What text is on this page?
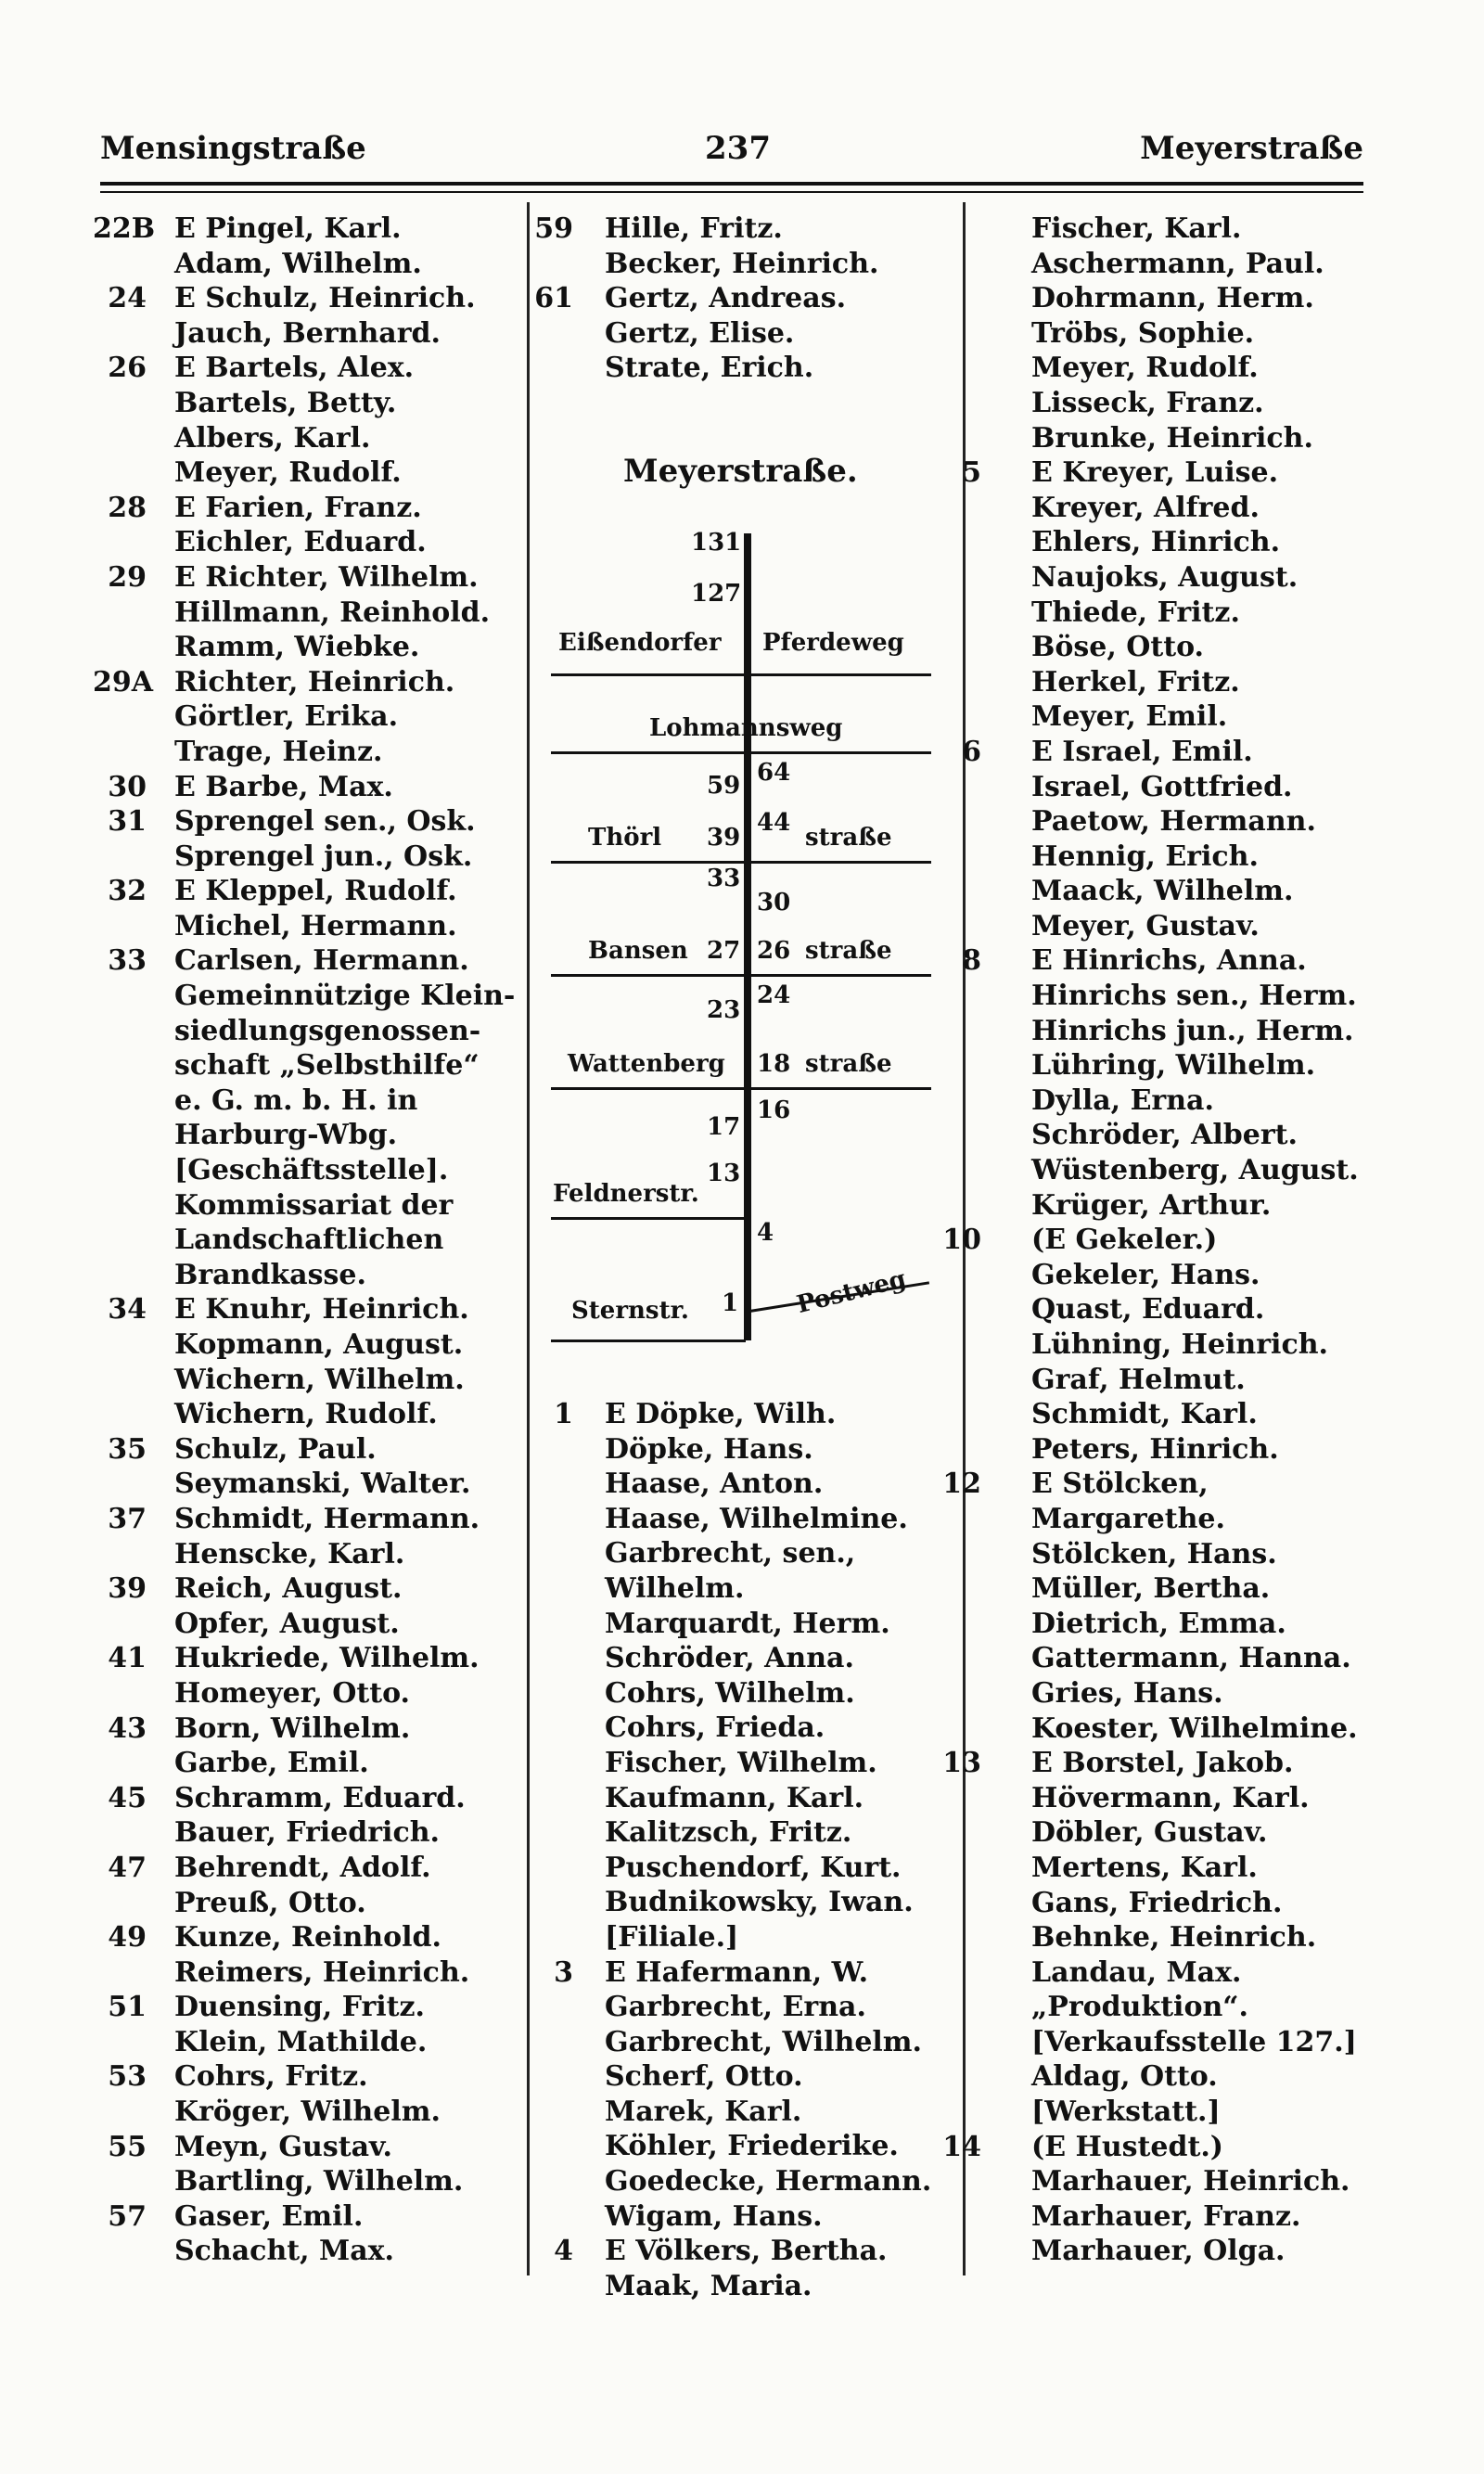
Mensingstraße	237	Meyerstraße
22B E Pingel, Karl.
Adam, Wilhelm.
24 E Schulz, Heinrich.
Jauch, Bernhard.
26 E Bartels, Alex.
Bartels, Betty.
Albers, Karl.
Meyer, Rudolf.
28 E Farien, Franz.
Eichler, Eduard.
29 E Richter, Wilhelm.
Hillmann, Reinhold.
Ramm, Wiebke.
29A Richter, Heinrich.
Görtler, Erika.
Trage, Heinz.
30 E Barbe, Max.
31 Sprengel sen., Osk.
Sprengel jun., Osk.
32 E Kleppel, Rudolf.
Michel, Hermann.
33 Carlsen, Hermann.
Gemeinnützige Klein-
siedlungsgenossen-
schaft „Selbsthilfe“
e. G. m. b. H. in
Harburg-Wbg.
[Geschäftsstelle].
Kommissariat der
Landschaftlichen
Brandkasse.
34 E Knuhr, Heinrich.
Kopmann, August.
Wichern, Wilhelm.
Wichern, Rudolf.
35 Schulz, Paul.
Seymanski, Walter.
37 Schmidt, Hermann.
Henscke, Karl.
39 Reich, August.
Opfer, August.
41 Hukriede, Wilhelm.
Homeyer, Otto.
43 Born, Wilhelm.
Garbe, Emil.
45 Schramm, Eduard.
Bauer, Friedrich.
47 Behrendt, Adolf.
Preuß, Otto.
49 Kunze, Reinhold.
Reimers, Heinrich.
51 Duensing, Fritz.
Klein, Mathilde.
53 Cohrs, Fritz.
Kröger, Wilhelm.
55 Meyn, Gustav.
Bartling, Wilhelm.
57 Gaser, Emil.
Schacht, Max.
59 Hille, Fritz.
Becker, Heinrich.
61 Gertz, Andreas.
Gertz, Elise.
Strate, Erich.
Meyerstraße.
131
127
Eißendorfer Pferdeweg
Lohmannsweg
59 64
Thörl 39
44
straße
33
30
Bansen 27 26 straße
23
24
Wattenberg 18 straße
17
16
13
Feldnerstr.
4
Sternstr. 1 Postweg
1 E Döpke, Wilh.
Döpke, Hans.
Haase, Anton.
Haase, Wilhelmine.
Garbrecht, sen.,
Wilhelm.
Marquardt, Herm.
Schröder, Anna.
Cohrs, Wilhelm.
Cohrs, Frieda.
Fischer, Wilhelm.
Kaufmann, Karl.
Kalitzsch, Fritz.
Puschendorf, Kurt.
Budnikowsky, Iwan.
[Filiale.]
3 E Hafermann, W.
Garbrecht, Erna.
Garbrecht, Wilhelm.
Scherf, Otto.
Marek, Karl.
Köhler, Friederike.
Goedecke, Hermann.
Wigam, Hans.
4 E Völkers, Bertha.
Maak, Maria.
Fischer, Karl.
Aschermann, Paul.
Dohrmann, Herm.
Tröbs, Sophie.
Meyer, Rudolf.
Lisseck, Franz.
Brunke, Heinrich.
5 E Kreyer, Luise.
Kreyer, Alfred.
Ehlers, Hinrich.
Naujoks, August.
Thiede, Fritz.
Böse, Otto.
Herkel, Fritz.
Meyer, Emil.
6 E Israel, Emil.
Israel, Gottfried.
Paetow, Hermann.
Hennig, Erich.
Maack, Wilhelm.
Meyer, Gustav.
8 E Hinrichs, Anna.
Hinrichs sen., Herm.
Hinrichs jun., Herm.
Lühring, Wilhelm.
Dylla, Erna.
Schröder, Albert.
Wüstenberg, August.
Krüger, Arthur.
10 (E Gekeler.)
Gekeler, Hans.
Quast, Eduard.
Lühning, Heinrich.
Graf, Helmut.
Schmidt, Karl.
Peters, Hinrich.
12 E Stölcken,
Margarethe.
Stölcken, Hans.
Müller, Bertha.
Dietrich, Emma.
Gattermann, Hanna.
Gries, Hans.
Koester, Wilhelmine.
13 E Borstel, Jakob.
Hövermann, Karl.
Döbler, Gustav.
Mertens, Karl.
Gans, Friedrich.
Behnke, Heinrich.
Landau, Max.
„Produktion“.
[Verkaufsstelle 127.]
Aldag, Otto.
[Werkstatt.]
14 (E Hustedt.)
Marhauer, Heinrich.
Marhauer, Franz.
Marhauer, Olga.
